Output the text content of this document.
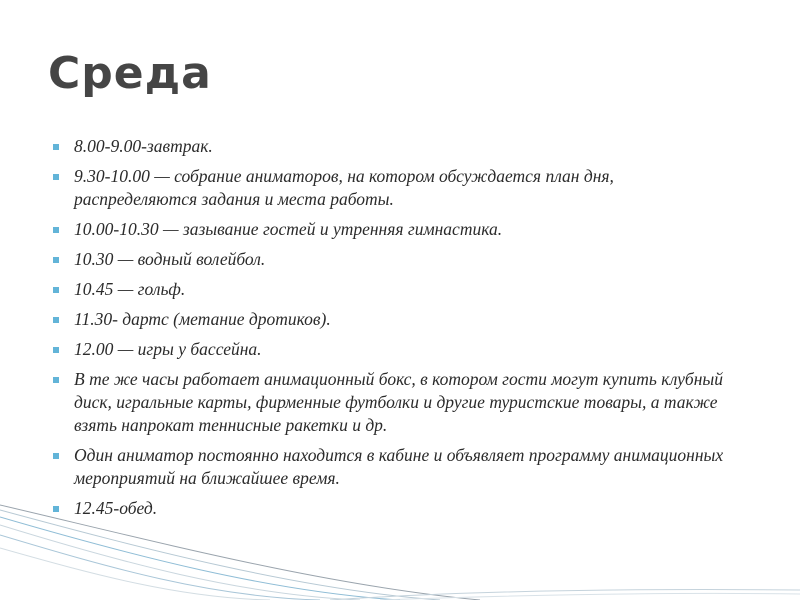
Среда
8.00-9.00-завтрак.
9.30-10.00 — собрание аниматоров, на котором обсуждается план дня, распределяются задания и места работы.
10.00-10.30 — зазывание гостей и утренняя гимнастика.
10.30 — водный волейбол.
10.45 — гольф.
11.30- дартс (метание дротиков).
12.00 — игры у бассейна.
В те же часы работает анимационный бокс, в котором гости могут купить клубный диск, игральные карты, фирменные футболки и другие туристские товары, а также взять напрокат теннисные ракетки и др.
Один аниматор постоянно находится в кабине и объявляет программу анимационных мероприятий на ближайшее время.
12.45-обед.
